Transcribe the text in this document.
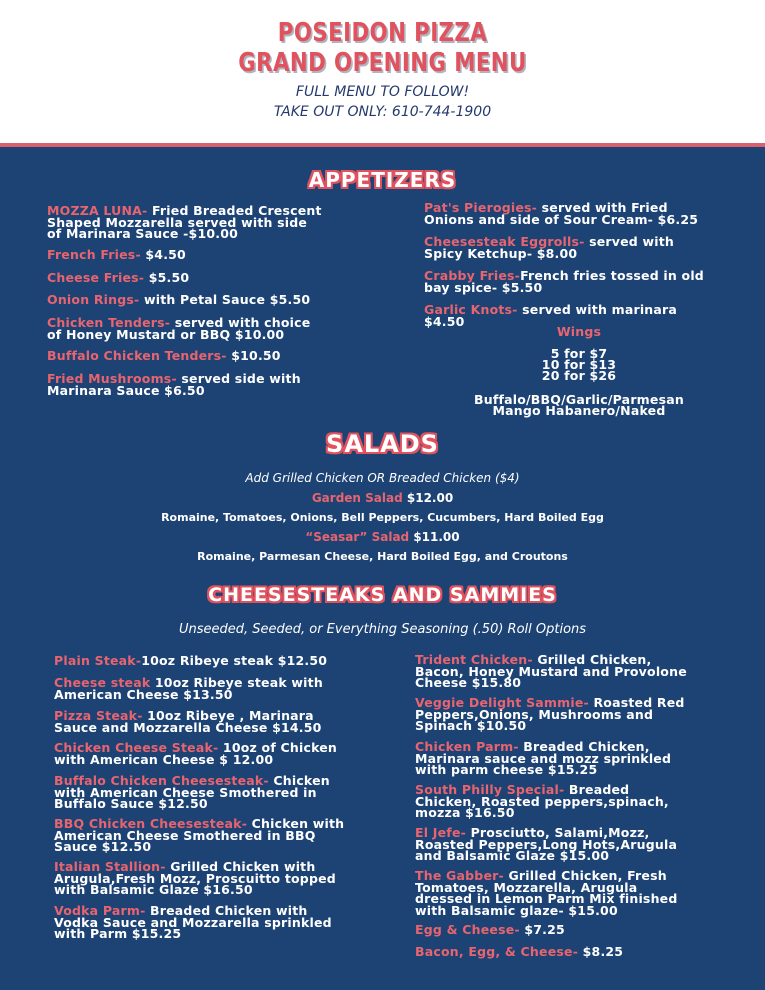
POSEIDON PIZZA
GRAND OPENING MENU
FULL MENU TO FOLLOW!
TAKE OUT ONLY: 610-744-1900
APPETIZERS
MOZZA LUNA- Fried Breaded Crescent
Shaped Mozzarella served with side
of Marinara Sauce -$10.00
French Fries- $4.50
Cheese Fries- $5.50
Onion Rings- with Petal Sauce $5.50
Chicken Tenders- served with choice
of Honey Mustard or BBQ $10.00
Buffalo Chicken Tenders- $10.50
Fried Mushrooms- served side with
Marinara Sauce $6.50
Pat's Pierogies- served with Fried
Onions and side of Sour Cream- $6.25
Cheesesteak Eggrolls- served with
Spicy Ketchup- $8.00
Crabby Fries-French fries tossed in old
bay spice- $5.50
Garlic Knots- served with marinara
$4.50
Wings
5 for $7
10 for $13
20 for $26
Buffalo/BBQ/Garlic/Parmesan
Mango Habanero/Naked
SALADS
Add Grilled Chicken OR Breaded Chicken ($4)
Garden Salad $12.00
Romaine, Tomatoes, Onions, Bell Peppers, Cucumbers, Hard Boiled Egg
“Seasar” Salad $11.00
Romaine, Parmesan Cheese, Hard Boiled Egg, and Croutons
CHEESESTEAKS AND SAMMIES
Unseeded, Seeded, or Everything Seasoning (.50) Roll Options
Plain Steak-10oz Ribeye steak $12.50
Cheese steak 10oz Ribeye steak with
American Cheese $13.50
Pizza Steak- 10oz Ribeye , Marinara
Sauce and Mozzarella Cheese $14.50
Chicken Cheese Steak- 10oz of Chicken
with American Cheese $ 12.00
Buffalo Chicken Cheesesteak- Chicken
with American Cheese Smothered in
Buffalo Sauce $12.50
BBQ Chicken Cheesesteak- Chicken with
American Cheese Smothered in BBQ
Sauce $12.50
Italian Stallion- Grilled Chicken with
Arugula,Fresh Mozz, Proscuitto topped
with Balsamic Glaze $16.50
Vodka Parm- Breaded Chicken with
Vodka Sauce and Mozzarella sprinkled
with Parm $15.25
Trident Chicken- Grilled Chicken,
Bacon, Honey Mustard and Provolone
Cheese $15.80
Veggie Delight Sammie- Roasted Red
Peppers,Onions, Mushrooms and
Spinach $10.50
Chicken Parm- Breaded Chicken,
Marinara sauce and mozz sprinkled
with parm cheese $15.25
South Philly Special- Breaded
Chicken, Roasted peppers,spinach,
mozza $16.50
El Jefe- Prosciutto, Salami,Mozz,
Roasted Peppers,Long Hots,Arugula
and Balsamic Glaze $15.00
The Gabber- Grilled Chicken, Fresh
Tomatoes, Mozzarella, Arugula
dressed in Lemon Parm Mix finished
with Balsamic glaze- $15.00
Egg & Cheese- $7.25
Bacon, Egg, & Cheese- $8.25
